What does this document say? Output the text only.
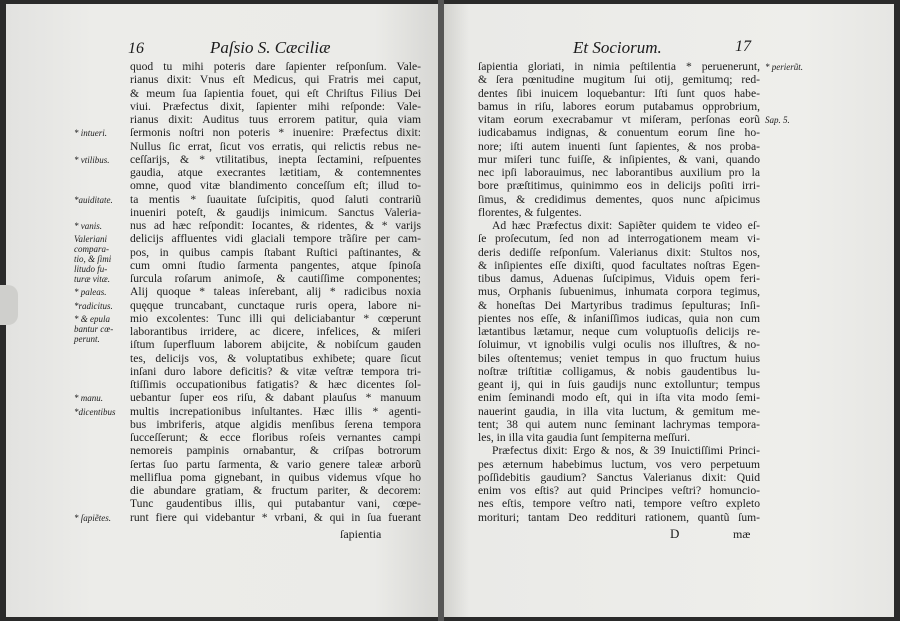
16	Paſsio S. Cæciliæ
quod tu mihi poteris dare ſapienter reſponſum. Vale-
rianus dixit: Vnus eſt Medicus, qui Fratris mei caput,
& meum ſua ſapientia fouet, qui eſt Chriſtus Filius Dei
viui. Præfectus dixit, ſapienter mihi reſponde: Vale-
rianus dixit: Auditus tuus errorem patitur, quia viam
ſermonis noſtri non poteris * inuenire: Præfectus dixit:
Nullus ſic errat, ſicut vos erratis, qui relictis rebus ne-
ceſſarijs, & * vtilitatibus, inepta ſectamini, reſpuentes
gaudia, atque execrantes lætitiam, & contemnentes
omne, quod vitæ blandimento conceſſum eſt; illud to-
ta mentis * ſuauitate ſuſcipitis, quod ſaluti contrariũ
inueniri poteſt, & gaudijs inimicum. Sanctus Valeria-
nus ad hæc reſpondit: Iocantes, & ridentes, & * varijs
delicijs affluentes vidi glaciali tempore trãſire per cam-
pos, in quibus campis ſtabant Ruſtici paſtinantes, &
cum omni ſtudio ſarmenta pangentes, atque ſpinoſa
ſurcula roſarum animoſe, & cautiſſime componentes;
Alij quoque * taleas inſerebant, alij * radicibus noxia
quęque truncabant, cunctaque ruris opera, labore ni-
mio excolentes: Tunc illi qui deliciabantur * cœperunt
laborantibus irridere, ac dicere, infelices, & miſeri
iſtum ſuperfluum laborem abijcite, & nobiſcum gauden
tes, delicijs vos, & voluptatibus exhibete; quare ſicut
inſani duro labore deficitis? & vitæ veſtræ tempora tri-
ſtiſſimis occupationibus fatigatis? & hæc dicentes ſol-
uebantur ſuper eos riſu, & dabant plauſus * manuum
multis increpationibus inſultantes. Hæc illis * agenti-
bus imbriferis, atque algidis menſibus ſerena tempora
ſucceſſerunt; & ecce floribus roſeis vernantes campi
nemoreis pampinis ornabantur, & criſpas botrorum
ſertas ſuo partu ſarmenta, & vario genere taleæ arborũ
mellifluа poma gignebant, in quibus videmus vſque ho
die abundare gratiam, & fructum pariter, & decorem:
Tunc gaudentibus illis, qui putabantur vani, cœpe-
runt fiere qui videbantur * vrbani, & qui in ſua fuerant
* intueri.
* vtilibus.
*auiditate.
* vanis.
Valeriani
compara-
tio, & ſimi
litudo fu-
turæ vitæ.
* paleas.
*radicitus.
* & epula
bantur cœ-
perunt.
* manu.
*dicentibus
* ſapiẽtes.
ſapientia
Et Sociorum.	17
ſapientia gloriati, in nimia peſtilentia * peruenerunt,
& ſera pœnitudine mugitum ſui otij, gemitumq; red-
dentes ſibi inuicem loquebantur: Iſti ſunt quos habe-
bamus in riſu, labores eorum putabamus opprobrium,
vitam eorum execrabamur vt miſeram, perſonas eorũ
iudicabamus indignas, & conuentum eorum ſine ho-
nore; iſti autem inuenti ſunt ſapientes, & nos proba-
mur miſeri tunc fuiſſe, & inſipientes, & vani, quando
nec ipſi laborauimus, nec laborantibus auxilium pro la
bore præſtitimus, quinimmo eos in delicijs poſiti irri-
ſimus, & credidimus dementes, quos nunc aſpicimus
florentes, & fulgentes.
Ad hæc Præfectus dixit: Sapiẽter quidem te video eſ-
ſe proſecutum, ſed non ad interrogationem meam vi-
deris dediſſe reſponſum. Valerianus dixit: Stultos nos,
& inſipientes eſſe dixiſti, quod facultates noſtras Egen-
tibus damus, Aduenas ſuſcipimus, Viduis opem feri-
mus, Orphanis ſubuenimus, inhumata corpora tegimus,
& honeſtas Dei Martyribus tradimus ſepulturas; Inſi-
pientes nos eſſe, & inſaniſſimos iudicas, quia non cum
lætantibus lætamur, neque cum voluptuoſis delicijs re-
ſoluimur, vt ignobilis vulgi oculis nos illuſtres, & no-
biles oſtentemus; veniet tempus in quo fructum huius
noſtræ triſtitiæ colligamus, & nobis gaudentibus lu-
geant ij, qui in ſuis gaudijs nunc extolluntur; tempus
enim ſeminandi modo eſt, qui in iſta vita modo ſemi-
nauerint gaudia, in illa vita luctum, & gemitum me-
tent; 38 qui autem nunc ſeminant lachrymas tempora-
les, in illa vita gaudia ſunt ſempiterna meſſuri.
Præfectus dixit: Ergo & nos, & 39 Inuictiſſimi Princi-
pes æternum habebimus luctum, vos vero perpetuum
poſſidebitis gaudium? Sanctus Valerianus dixit: Quid
enim vos eſtis? aut quid Principes veſtri? homuncio-
nes eſtis, tempore veſtro nati, tempore veſtro expleto
morituri; tantam Deo reddituri rationem, quantũ ſum-
* perierũt.
Sap. 5.
D	mæ
